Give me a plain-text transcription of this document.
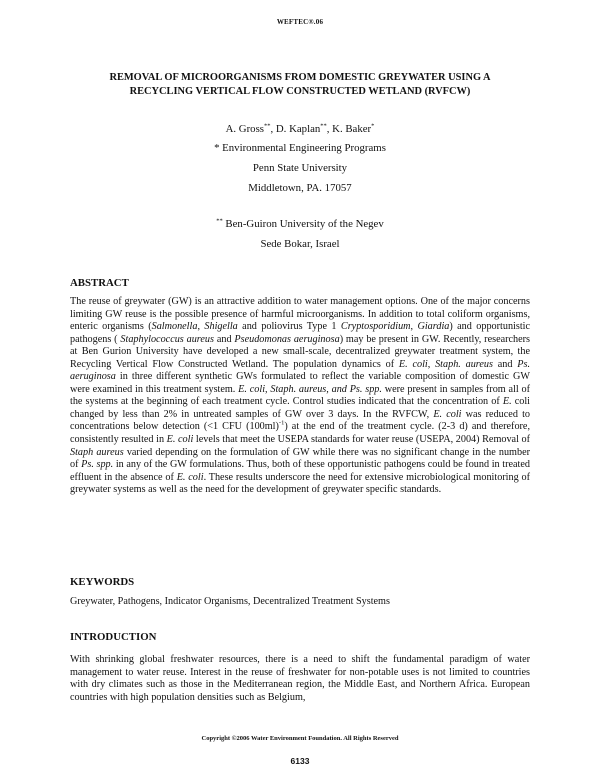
WEFTEC®.06
REMOVAL OF MICROORGANISMS FROM DOMESTIC GREYWATER USING A
RECYCLING VERTICAL FLOW CONSTRUCTED WETLAND (RVFCW)
A. Gross**, D. Kaplan**, K. Baker*
* Environmental Engineering Programs
Penn State University
Middletown, PA. 17057
** Ben-Guiron University of the Negev
Sede Bokar, Israel
ABSTRACT
The reuse of greywater (GW) is an attractive addition to water management options. One of the major concerns limiting GW reuse is the possible presence of harmful microorganisms. In addition to total coliform organisms, enteric organisms (Salmonella, Shigella and poliovirus Type 1 Cryptosporidium, Giardia) and opportunistic pathogens ( Staphylococcus aureus and Pseudomonas aeruginosa) may be present in GW. Recently, researchers at Ben Gurion University have developed a new small-scale, decentralized greywater treatment system, the Recycling Vertical Flow Constructed Wetland. The population dynamics of E. coli, Staph. aureus and Ps. aeruginosa in three different synthetic GWs formulated to reflect the variable composition of domestic GW were examined in this treatment system. E. coli, Staph. aureus, and Ps. spp. were present in samples from all of the systems at the beginning of each treatment cycle. Control studies indicated that the concentration of E. coli changed by less than 2% in untreated samples of GW over 3 days. In the RVFCW, E. coli was reduced to concentrations below detection (<1 CFU $(100ml)^{-1}$) at the end of the treatment cycle. (2-3 d) and therefore, consistently resulted in E. coli levels that meet the USEPA standards for water reuse (USEPA, 2004) Removal of Staph aureus varied depending on the formulation of GW while there was no significant change in the number of Ps. spp. in any of the GW formulations. Thus, both of these opportunistic pathogens could be found in treated effluent in the absence of E. coli. These results underscore the need for extensive microbiological monitoring of greywater systems as well as the need for the development of greywater specific standards.
KEYWORDS
Greywater, Pathogens, Indicator Organisms, Decentralized Treatment Systems
INTRODUCTION
With shrinking global freshwater resources, there is a need to shift the fundamental paradigm of water management to water reuse. Interest in the reuse of freshwater for non-potable uses is not limited to countries with dry climates such as those in the Mediterranean region, the Middle East, and Northern Africa. European countries with high population densities such as Belgium,
Copyright ©2006 Water Environment Foundation. All Rights Reserved
6133
